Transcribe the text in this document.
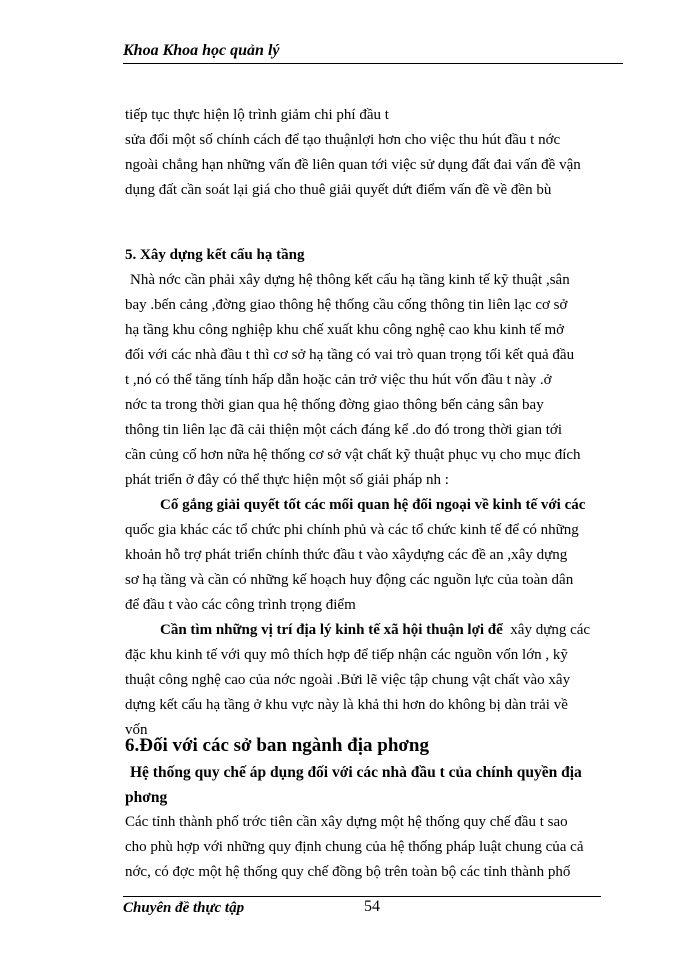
Khoa Khoa học quản lý
tiếp tục thực hiện lộ trình giảm chi phí đầu t
sửa đổi một số chính cách để tạo thuậnlợi hơn cho việc thu hút đầu t nớc
ngoài chẳng hạn những vấn đề liên quan tới việc sử dụng đất đai vấn đề vận
dụng đất cần soát lại giá cho thuê giải quyết dứt điểm vấn đề về đền bù
5. Xây dựng kết cấu hạ tầng
Nhà nớc cần phải xây dựng hệ thông kết cấu hạ tầng kinh tế kỹ thuật ,sân
bay .bến cảng ,đờng giao thông hệ thống cầu cống thông tin liên lạc cơ sở
hạ tầng khu công nghiệp khu chế xuất khu công nghệ cao khu kinh tế mở
đối với các nhà đầu t thì cơ sở hạ tầng có vai trò quan trọng tối kết quả đầu
t ,nó có thể tăng tính hấp dẫn hoặc cản trở việc thu hút vốn đầu t này .ở
nớc ta trong thời gian qua hệ thống đờng giao thông bến cảng sân bay
thông tin liên lạc đã cải thiện một cách đáng kể .do đó trong thời gian tới
cần củng cố hơn nữa hệ thống cơ sở vật chất kỹ thuật phục vụ cho mục đích
phát triển ở đây có thể thực hiện một số giải pháp nh :
Cố gắng giải quyết tốt các mối quan hệ đối ngoại về kinh tế với các
quốc gia khác các tổ chức phi chính phủ và các tổ chức kinh tế để có những
khoản hỗ trợ phát triển chính thức đầu t vào xâydựng các đề an ,xây dựng
sơ hạ tầng và cần có những kế hoạch huy động các nguồn lực của toàn dân
để đầu t vào các công trình trọng điểm
Cần tìm những vị trí địa lý kinh tế xã hội thuận lợi để  xây dựng các
đặc khu kinh tế với quy mô thích hợp để tiếp nhận các nguồn vốn lớn , kỹ
thuật công nghệ cao của nớc ngoài .Bửi lẽ việc tập chung vật chất vào xây
dựng kết cấu hạ tầng ở khu vực này là khả thi hơn do không bị dàn trải về
vốn
6.Đối với các sở ban ngành địa phơng
Hệ thống quy chế áp dụng đối với các nhà đầu t của chính quyền địa
phơng
Các tỉnh thành phố trớc tiên cần xây dựng một hệ thống quy chế đầu t sao
cho phù hợp với những quy định chung của hệ thống pháp luật chung của cả
nớc, có đợc một hệ thống quy chế đồng bộ trên toàn bộ các tỉnh thành phố
Chuyên đề thực tập	54
